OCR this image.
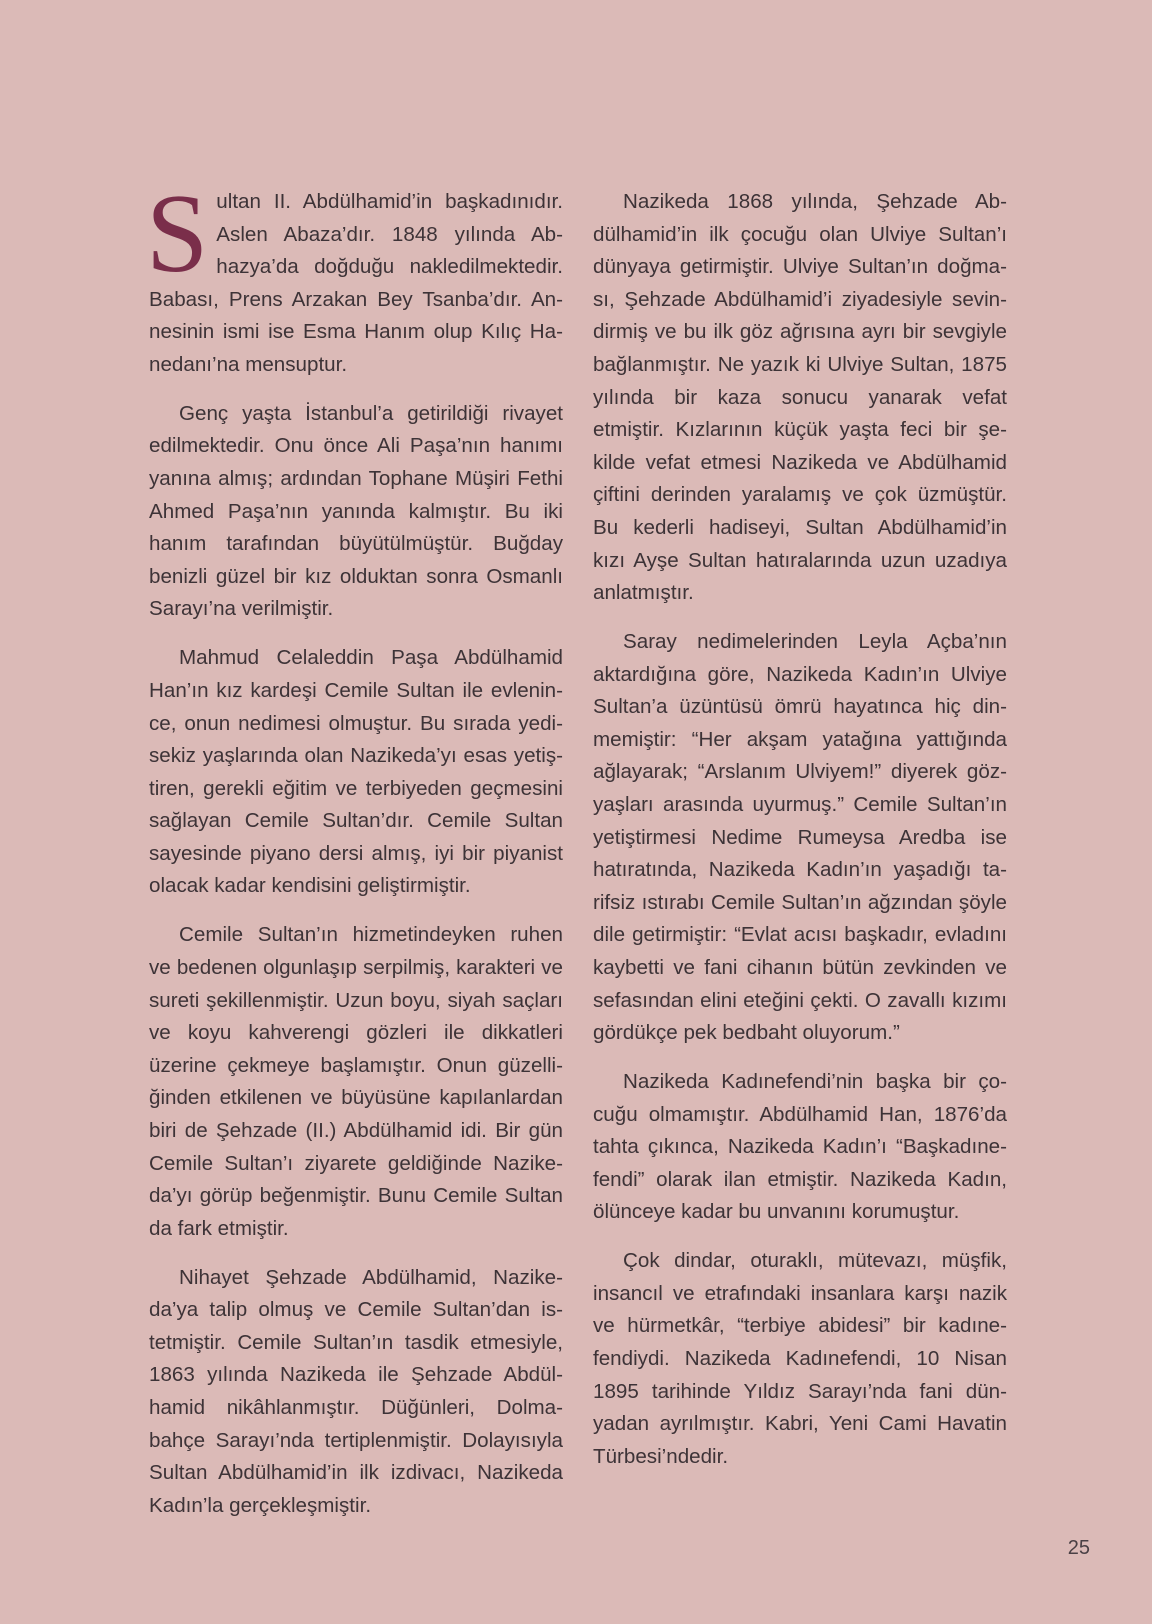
Sultan II. Abdülhamid’in başkadınıdır. Aslen Abaza’dır. 1848 yılında Abhazya’da doğduğu nakledilmektedir. Babası, Prens Arzakan Bey Tsanba’dır. Annesinin ismi ise Esma Hanım olup Kılıç Hanedanı’na mensuptur.

Genç yaşta İstanbul’a getirildiği rivayet edilmektedir. Onu önce Ali Paşa’nın hanımı yanına almış; ardından Tophane Müşiri Fethi Ahmed Paşa’nın yanında kalmıştır. Bu iki hanım tarafından büyütülmüştür. Buğday benizli güzel bir kız olduktan sonra Osmanlı Sarayı’na verilmiştir.

Mahmud Celaleddin Paşa Abdülhamid Han’ın kız kardeşi Cemile Sultan ile evlenince, onun nedimesi olmuştur. Bu sırada yedi-sekiz yaşlarında olan Nazikeda’yı esas yetiştiren, gerekli eğitim ve terbiyeden geçmesini sağlayan Cemile Sultan’dır. Cemile Sultan sayesinde piyano dersi almış, iyi bir piyanist olacak kadar kendisini geliştirmiştir.

Cemile Sultan’ın hizmetindeyken ruhen ve bedenen olgunlaşıp serpilmiş, karakteri ve sureti şekillenmiştir. Uzun boyu, siyah saçları ve koyu kahverengi gözleri ile dikkatleri üzerine çekmeye başlamıştır. Onun güzelliğinden etkilenen ve büyüsüne kapılanlardan biri de Şehzade (II.) Abdülhamid idi. Bir gün Cemile Sultan’ı ziyarete geldiğinde Nazikeda’yı görüp beğenmiştir. Bunu Cemile Sultan da fark etmiştir.

Nihayet Şehzade Abdülhamid, Nazikeda’ya talip olmuş ve Cemile Sultan’dan istetmiştir. Cemile Sultan’ın tasdik etmesiyle, 1863 yılında Nazikeda ile Şehzade Abdülhamid nikâhlanmıştır. Düğünleri, Dolmabahçe Sarayı’nda tertiplenmiştir. Dolayısıyla Sultan Abdülhamid’in ilk izdivacı, Nazikeda Kadın’la gerçekleşmiştir.

Nazikeda 1868 yılında, Şehzade Abdülhamid’in ilk çocuğu olan Ulviye Sultan’ı dünyaya getirmiştir. Ulviye Sultan’ın doğması, Şehzade Abdülhamid’i ziyadesiyle sevindirmiş ve bu ilk göz ağrısına ayrı bir sevgiyle bağlanmıştır. Ne yazık ki Ulviye Sultan, 1875 yılında bir kaza sonucu yanarak vefat etmiştir. Kızlarının küçük yaşta feci bir şekilde vefat etmesi Nazikeda ve Abdülhamid çiftini derinden yaralamış ve çok üzmüştür. Bu kederli hadiseyi, Sultan Abdülhamid’in kızı Ayşe Sultan hatıralarında uzun uzadıya anlatmıştır.

Saray nedimelerinden Leyla Açba’nın aktardığına göre, Nazikeda Kadın’ın Ulviye Sultan’a üzüntüsü ömrü hayatınca hiç dinmemiştir: “Her akşam yatağına yattığında ağlayarak; “Arslanım Ulviyem!” diyerek gözyaşları arasında uyurmuş.” Cemile Sultan’ın yetiştirmesi Nedime Rumeysa Aredba ise hatıratında, Nazikeda Kadın’ın yaşadığı tarifsiz ıstırabı Cemile Sultan’ın ağzından şöyle dile getirmiştir: “Evlat acısı başkadır, evladını kaybetti ve fani cihanın bütün zevkinden ve sefasından elini eteğini çekti. O zavallı kızımı gördükçe pek bedbaht oluyorum.”

Nazikeda Kadınefendi’nin başka bir çocuğu olmamıştır. Abdülhamid Han, 1876’da tahta çıkınca, Nazikeda Kadın’ı “Başkadınefendi” olarak ilan etmiştir. Nazikeda Kadın, ölünceye kadar bu unvanını korumuştur.

Çok dindar, oturaklı, mütevazı, müşfik, insancıl ve etrafındaki insanlara karşı nazik ve hürmetkâr, “terbiye abidesi” bir kadınefendiydi. Nazikeda Kadınefendi, 10 Nisan 1895 tarihinde Yıldız Sarayı’nda fani dünyadan ayrılmıştır. Kabri, Yeni Cami Havatin Türbesi’ndedir.

25
